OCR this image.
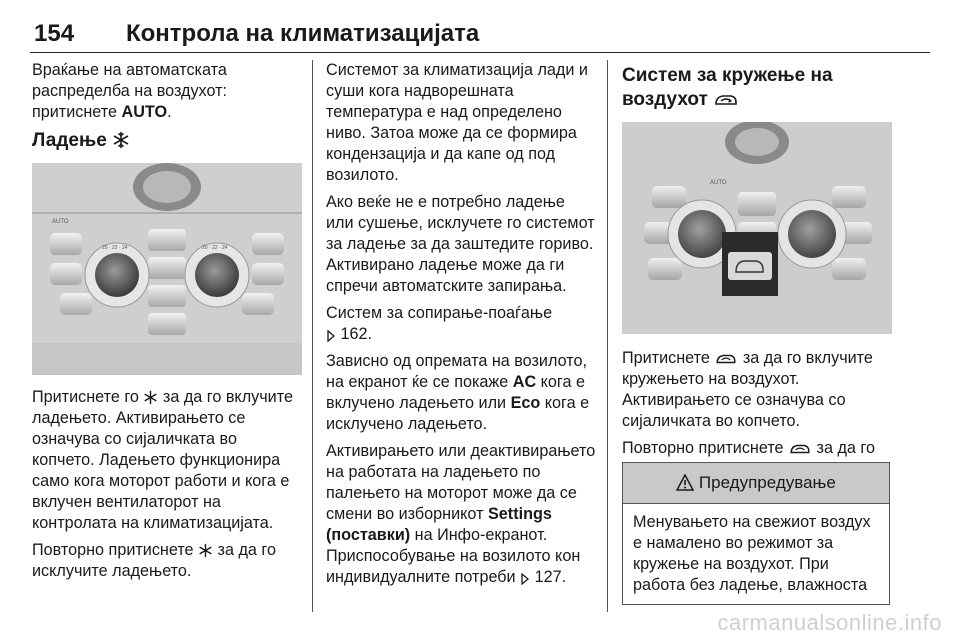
154 Контрола на климатизацијата

Враќање на автоматската распределба на воздухот: притиснете AUTO.

Ладење
20 · 22 · 24	20 · 22 · 24
AUTO

Притиснете го  за да го вклучите ладењето. Активирањето се означува со сијаличката во копчето. Ладењето функционира само кога моторот работи и кога е вклучен вентилаторот на контролата на климатизацијата.

Повторно притиснете  за да го исклучите ладењето.

Системот за климатизација лади и суши кога надворешната температура е над определено ниво. Затоа може да се формира кондензација и да капе од под возилото.

Ако веќе не е потребно ладење или сушење, исклучете го системот за ладење за да заштедите гориво. Активирано ладење може да ги спречи автоматските запирања.

Систем за сопирање-поаѓање
162.

Зависно од опремата на возилото, на екранот ќе се покаже AC кога е вклучено ладењето или Eco кога е исклучено ладењето.

Активирањето или деактивирањето на работата на ладењето по палењето на моторот може да се смени во изборникот Settings (поставки) на Инфо-екранот. Приспособување на возилото кон индивидуалните потреби  127.

Систем за кружење на воздухот
AUTO

Притиснете  за да го вклучите кружењето на воздухот. Активирањето се означува со сијаличката во копчето.

Повторно притиснете  за да го

Предупредување
Менувањето на свежиот воздух е намалено во режимот за кружење на воздухот. При работа без ладење, влажноста
carmanualsonline.info
